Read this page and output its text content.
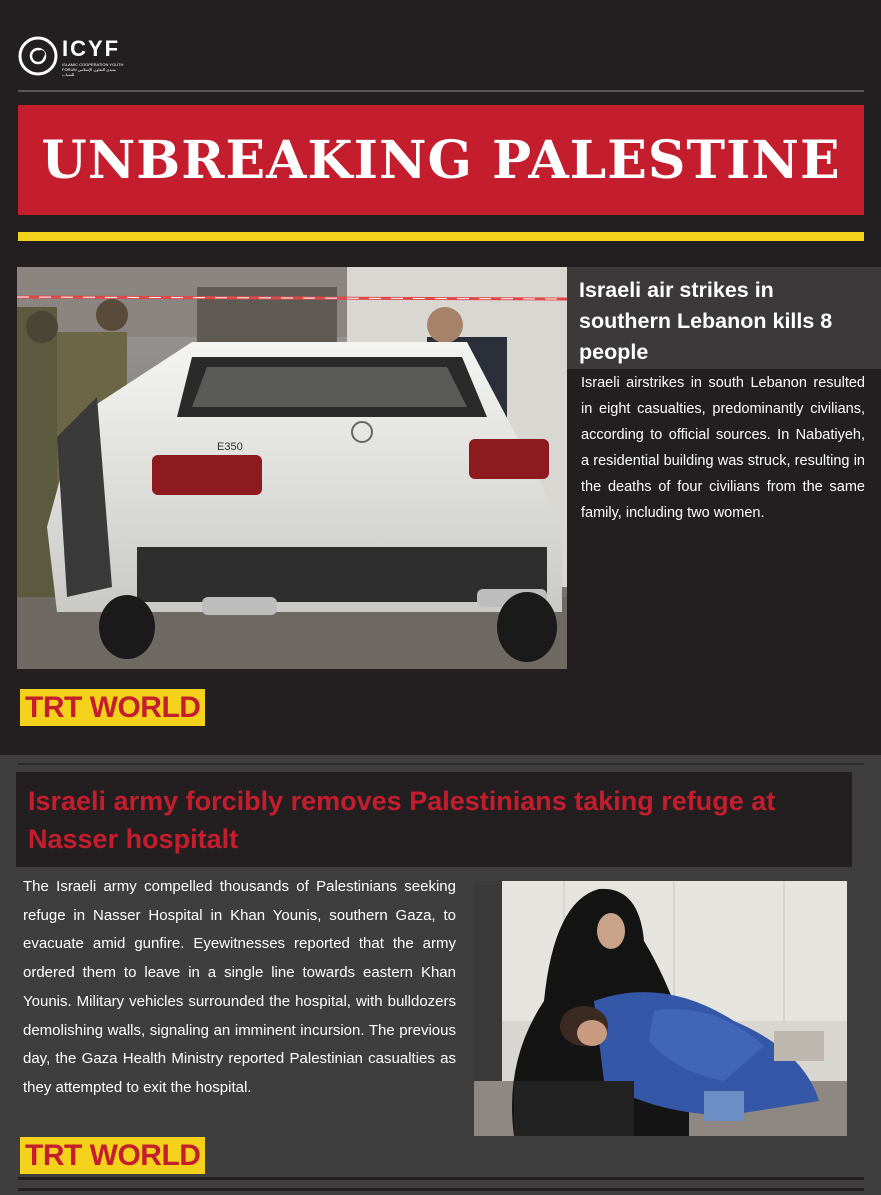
ICYF
ISLAMIC COOPERATION YOUTH FORUM منتدى التعاون الإسلامي للشباب
UNBREAKING PALESTINE
E350
Israeli air strikes in southern Lebanon kills 8 people

Israeli airstrikes in south Lebanon resulted in eight casualties, predominantly civilians, according to official sources. In Nabatiyeh, a residential building was struck, resulting in the deaths of four civilians from the same family, including two women.

TRT WORLD
Israeli army forcibly removes Palestinians taking refuge at Nasser hospitalt

The Israeli army compelled thousands of Palestinians seeking refuge in Nasser Hospital in Khan Younis, southern Gaza, to evacuate amid gunfire. Eyewitnesses reported that the army ordered them to leave in a single line towards eastern Khan Younis. Military vehicles surrounded the hospital, with bulldozers demolishing walls, signaling an imminent incursion. The previous day, the Gaza Health Ministry reported Palestinian casualties as they attempted to exit the hospital.

TRT WORLD
